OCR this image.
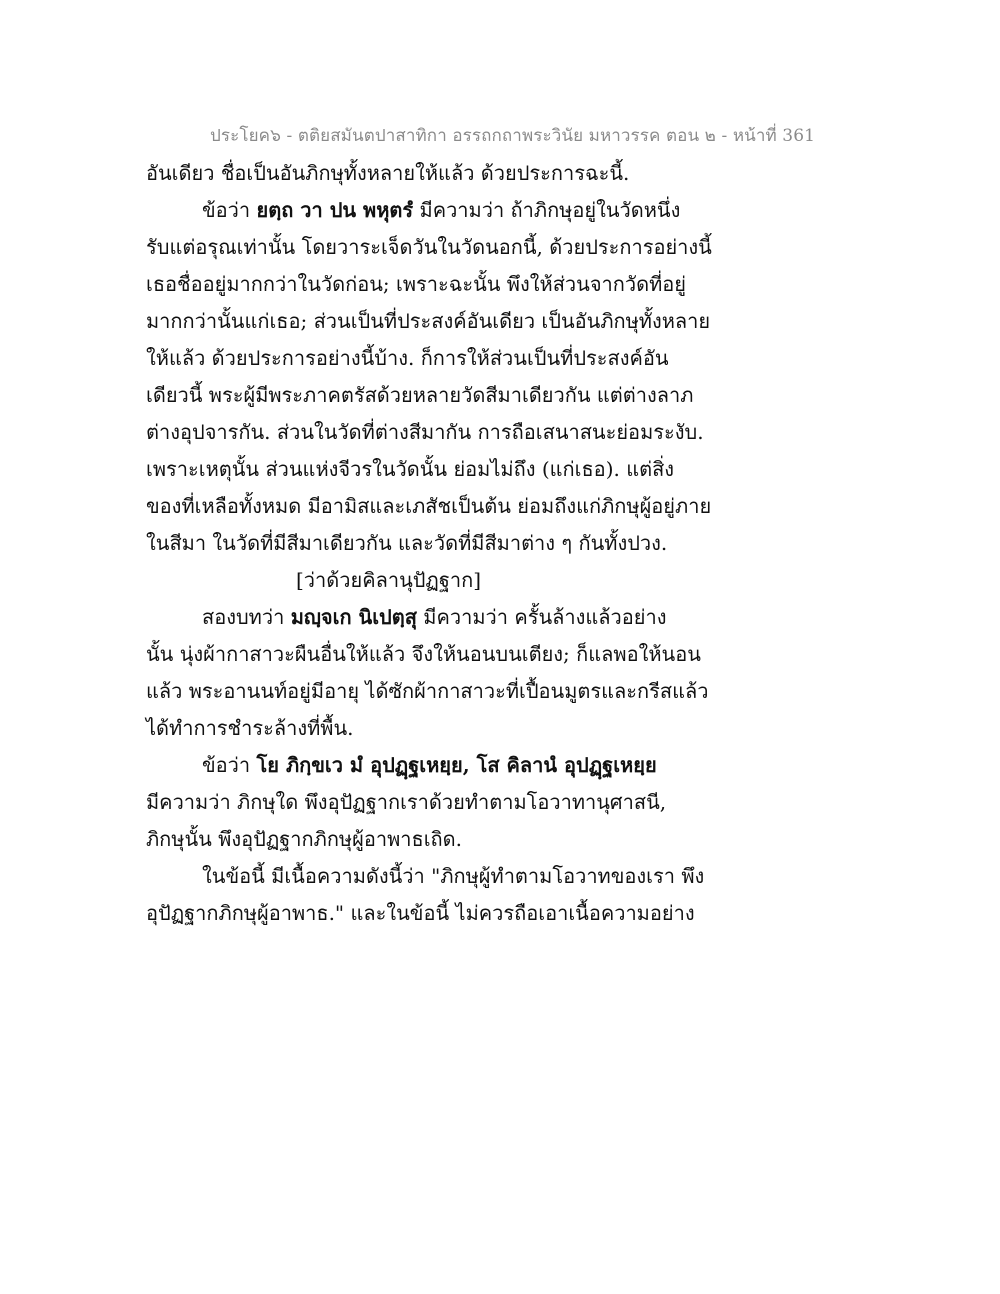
ประโยค๖ - ตติยสมันตปาสาทิกา อรรถกถาพระวินัย มหาวรรค ตอน ๒ - หน้าที่ 361
อันเดียว ชื่อเป็นอันภิกษุทั้งหลายให้แล้ว ด้วยประการฉะนี้.
ข้อว่า ยตฺถ วา ปน พหุตรํ มีความว่า ถ้าภิกษุอยู่ในวัดหนึ่ง
รับแต่อรุณเท่านั้น โดยวาระเจ็ดวันในวัดนอกนี้, ด้วยประการอย่างนี้
เธอชื่ออยู่มากกว่าในวัดก่อน; เพราะฉะนั้น พึงให้ส่วนจากวัดที่อยู่
มากกว่านั้นแก่เธอ; ส่วนเป็นที่ประสงค์อันเดียว เป็นอันภิกษุทั้งหลาย
ให้แล้ว ด้วยประการอย่างนี้บ้าง. ก็การให้ส่วนเป็นที่ประสงค์อัน
เดียวนี้ พระผู้มีพระภาคตรัสด้วยหลายวัดสีมาเดียวกัน แต่ต่างลาภ
ต่างอุปจารกัน. ส่วนในวัดที่ต่างสีมากัน การถือเสนาสนะย่อมระงับ.
เพราะเหตุนั้น ส่วนแห่งจีวรในวัดนั้น ย่อมไม่ถึง (แก่เธอ). แต่สิ่ง
ของที่เหลือทั้งหมด มีอามิสและเภสัชเป็นต้น ย่อมถึงแก่ภิกษุผู้อยู่ภาย
ในสีมา ในวัดที่มีสีมาเดียวกัน และวัดที่มีสีมาต่าง ๆ กันทั้งปวง.
[ว่าด้วยคิลานุปัฏฐาก]
สองบทว่า มญฺจเก นิเปตฺสุ มีความว่า ครั้นล้างแล้วอย่าง
นั้น นุ่งผ้ากาสาวะผืนอื่นให้แล้ว จึงให้นอนบนเตียง; ก็แลพอให้นอน
แล้ว พระอานนท์อยู่มีอายุ ได้ซักผ้ากาสาวะที่เปื้อนมูตรและกรีสแล้ว
ได้ทำการชำระล้างที่พื้น.
ข้อว่า โย ภิกฺขเว มํ อุปฏฺฐเหยฺย, โส คิลานํ อุปฏฺฐเหยฺย
มีความว่า ภิกษุใด พึงอุปัฏฐากเราด้วยทำตามโอวาทานุศาสนี,
ภิกษุนั้น พึงอุปัฏฐากภิกษุผู้อาพาธเถิด.
ในข้อนี้ มีเนื้อความดังนี้ว่า "ภิกษุผู้ทำตามโอวาทของเรา พึง
อุปัฏฐากภิกษุผู้อาพาธ." และในข้อนี้ ไม่ควรถือเอาเนื้อความอย่าง
